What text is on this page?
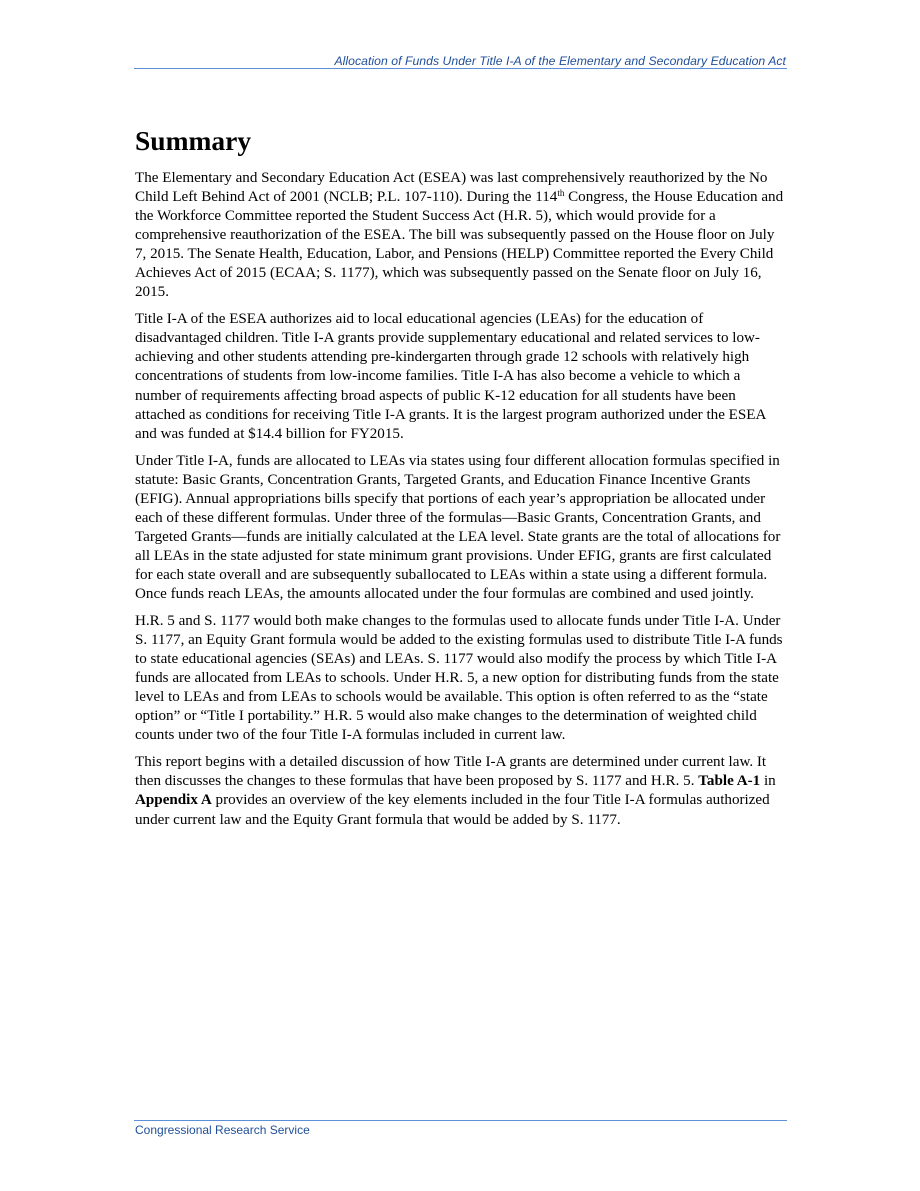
Allocation of Funds Under Title I-A of the Elementary and Secondary Education Act
Summary

The Elementary and Secondary Education Act (ESEA) was last comprehensively reauthorized by the No Child Left Behind Act of 2001 (NCLB; P.L. 107-110). During the 114th Congress, the House Education and the Workforce Committee reported the Student Success Act (H.R. 5), which would provide for a comprehensive reauthorization of the ESEA. The bill was subsequently passed on the House floor on July 7, 2015. The Senate Health, Education, Labor, and Pensions (HELP) Committee reported the Every Child Achieves Act of 2015 (ECAA; S. 1177), which was subsequently passed on the Senate floor on July 16, 2015.

Title I-A of the ESEA authorizes aid to local educational agencies (LEAs) for the education of disadvantaged children. Title I-A grants provide supplementary educational and related services to low-achieving and other students attending pre-kindergarten through grade 12 schools with relatively high concentrations of students from low-income families. Title I-A has also become a vehicle to which a number of requirements affecting broad aspects of public K-12 education for all students have been attached as conditions for receiving Title I-A grants. It is the largest program authorized under the ESEA and was funded at $14.4 billion for FY2015.

Under Title I-A, funds are allocated to LEAs via states using four different allocation formulas specified in statute: Basic Grants, Concentration Grants, Targeted Grants, and Education Finance Incentive Grants (EFIG). Annual appropriations bills specify that portions of each year’s appropriation be allocated under each of these different formulas. Under three of the formulas—Basic Grants, Concentration Grants, and Targeted Grants—funds are initially calculated at the LEA level. State grants are the total of allocations for all LEAs in the state adjusted for state minimum grant provisions. Under EFIG, grants are first calculated for each state overall and are subsequently suballocated to LEAs within a state using a different formula. Once funds reach LEAs, the amounts allocated under the four formulas are combined and used jointly.

H.R. 5 and S. 1177 would both make changes to the formulas used to allocate funds under Title I-A. Under S. 1177, an Equity Grant formula would be added to the existing formulas used to distribute Title I-A funds to state educational agencies (SEAs) and LEAs. S. 1177 would also modify the process by which Title I-A funds are allocated from LEAs to schools. Under H.R. 5, a new option for distributing funds from the state level to LEAs and from LEAs to schools would be available. This option is often referred to as the “state option” or “Title I portability.” H.R. 5 would also make changes to the determination of weighted child counts under two of the four Title I-A formulas included in current law.

This report begins with a detailed discussion of how Title I-A grants are determined under current law. It then discusses the changes to these formulas that have been proposed by S. 1177 and H.R. 5. Table A-1 in Appendix A provides an overview of the key elements included in the four Title I-A formulas authorized under current law and the Equity Grant formula that would be added by S. 1177.

Congressional Research Service
